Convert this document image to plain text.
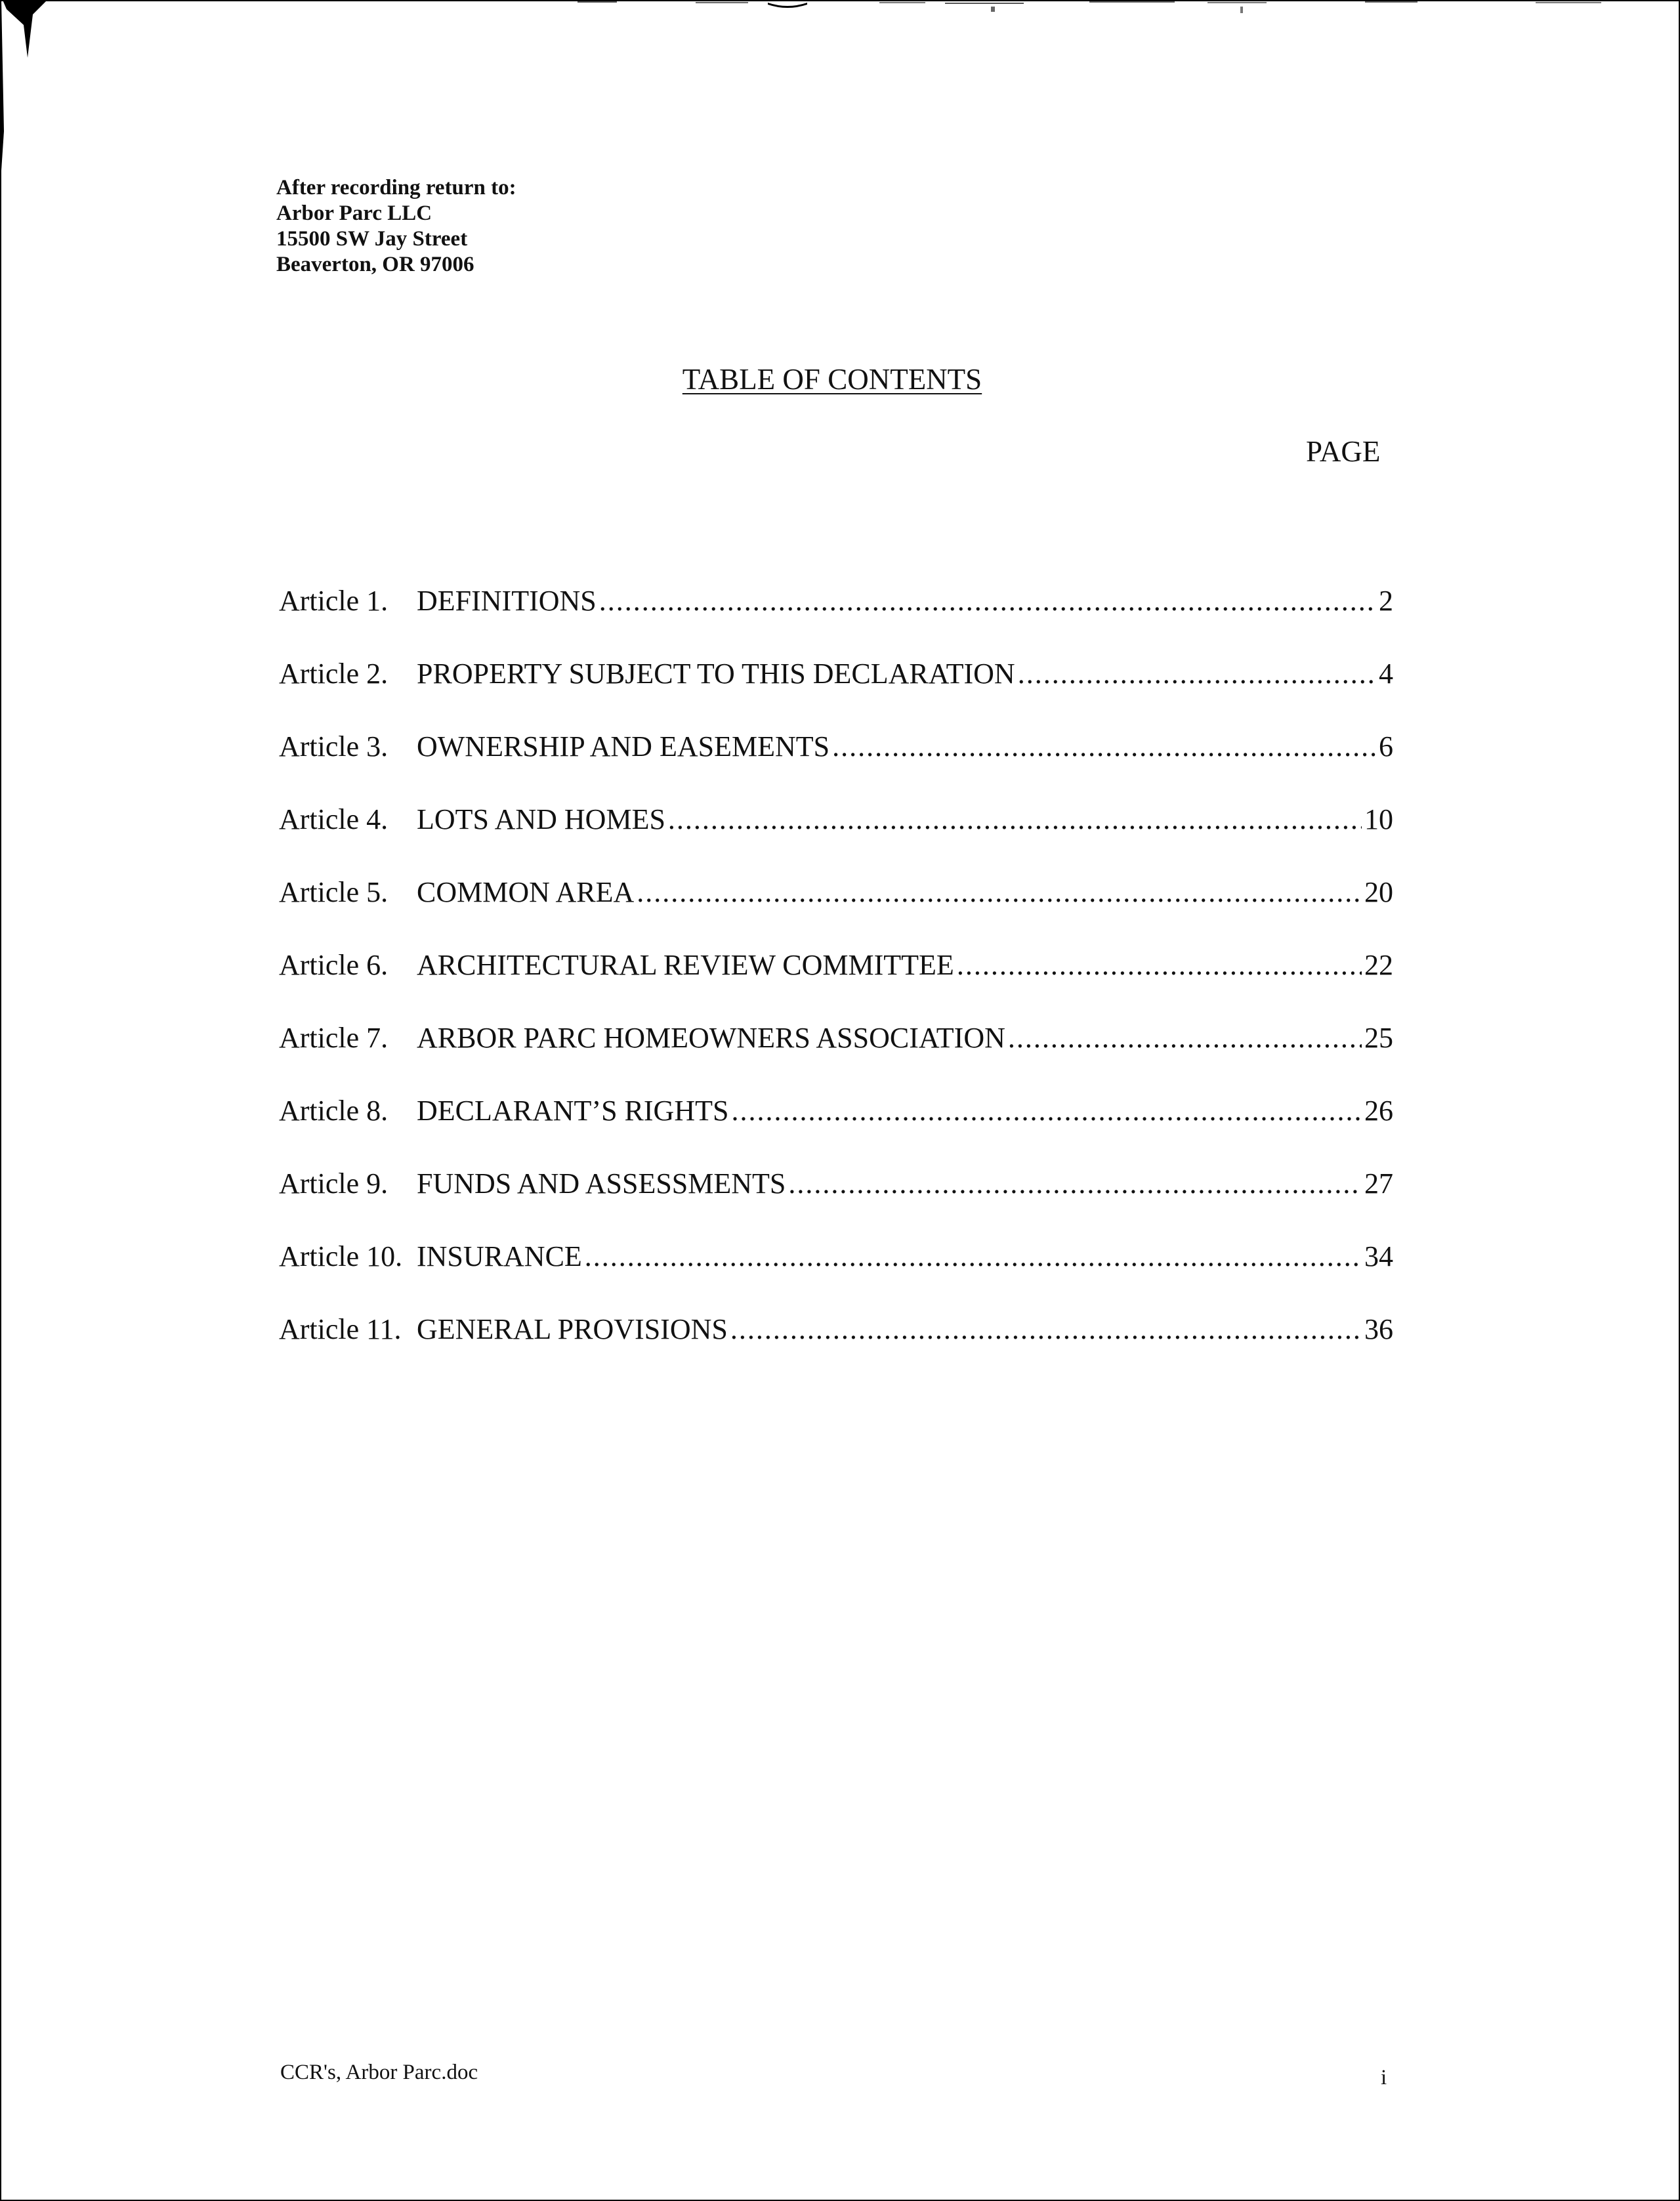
After recording return to:
Arbor Parc LLC
15500 SW Jay Street
Beaverton, OR 97006
TABLE OF CONTENTS
PAGE
Article 1. DEFINITIONS .....	2
Article 2. PROPERTY SUBJECT TO THIS DECLARATION .....	4
Article 3. OWNERSHIP AND EASEMENTS .....	6
Article 4. LOTS AND HOMES .....	10
Article 5. COMMON AREA .....	20
Article 6. ARCHITECTURAL REVIEW COMMITTEE .....	22
Article 7. ARBOR PARC HOMEOWNERS ASSOCIATION .....	25
Article 8. DECLARANT’S RIGHTS .....	26
Article 9. FUNDS AND ASSESSMENTS .....	27
Article 10. INSURANCE .....	34
Article 11. GENERAL PROVISIONS .....	36
CCR's, Arbor Parc.doc	i
